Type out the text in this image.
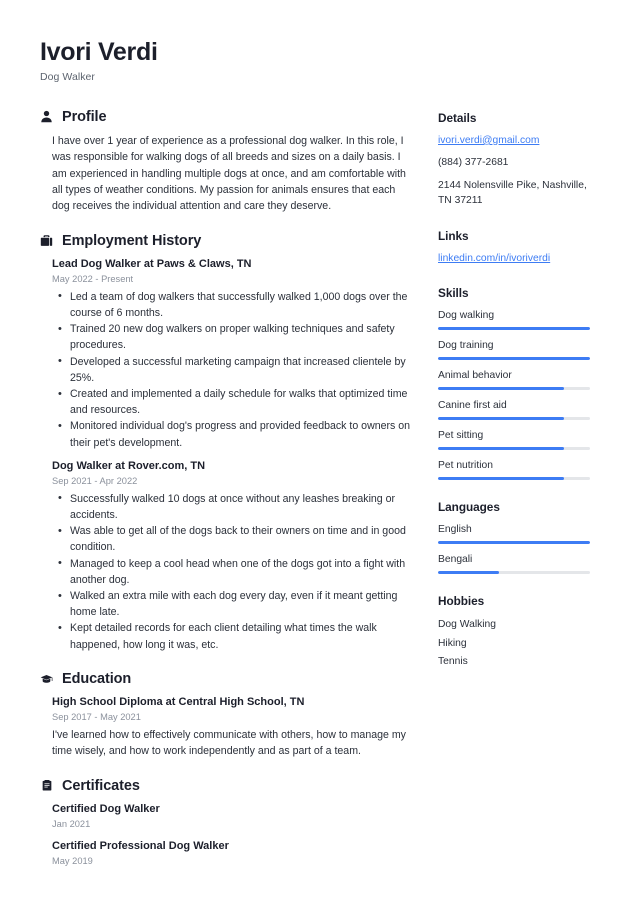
Ivori Verdi
Dog Walker
Profile
I have over 1 year of experience as a professional dog walker. In this role, I was responsible for walking dogs of all breeds and sizes on a daily basis. I am experienced in handling multiple dogs at once, and am comfortable with all types of weather conditions. My passion for animals ensures that each dog receives the individual attention and care they deserve.
Employment History
Lead Dog Walker at Paws & Claws, TN
May 2022 - Present
• Led a team of dog walkers that successfully walked 1,000 dogs over the course of 6 months.
• Trained 20 new dog walkers on proper walking techniques and safety procedures.
• Developed a successful marketing campaign that increased clientele by 25%.
• Created and implemented a daily schedule for walks that optimized time and resources.
• Monitored individual dog's progress and provided feedback to owners on their pet's development.
Dog Walker at Rover.com, TN
Sep 2021 - Apr 2022
• Successfully walked 10 dogs at once without any leashes breaking or accidents.
• Was able to get all of the dogs back to their owners on time and in good condition.
• Managed to keep a cool head when one of the dogs got into a fight with another dog.
• Walked an extra mile with each dog every day, even if it meant getting home late.
• Kept detailed records for each client detailing what times the walk happened, how long it was, etc.
Education
High School Diploma at Central High School, TN
Sep 2017 - May 2021
I've learned how to effectively communicate with others, how to manage my time wisely, and how to work independently and as part of a team.
Certificates
Certified Dog Walker
Jan 2021
Certified Professional Dog Walker
May 2019
Details
ivori.verdi@gmail.com
(884) 377-2681
2144 Nolensville Pike, Nashville, TN 37211
Links
linkedin.com/in/ivoriverdi
Skills
Dog walking
Dog training
Animal behavior
Canine first aid
Pet sitting
Pet nutrition
Languages
English
Bengali
Hobbies
Dog Walking
Hiking
Tennis
